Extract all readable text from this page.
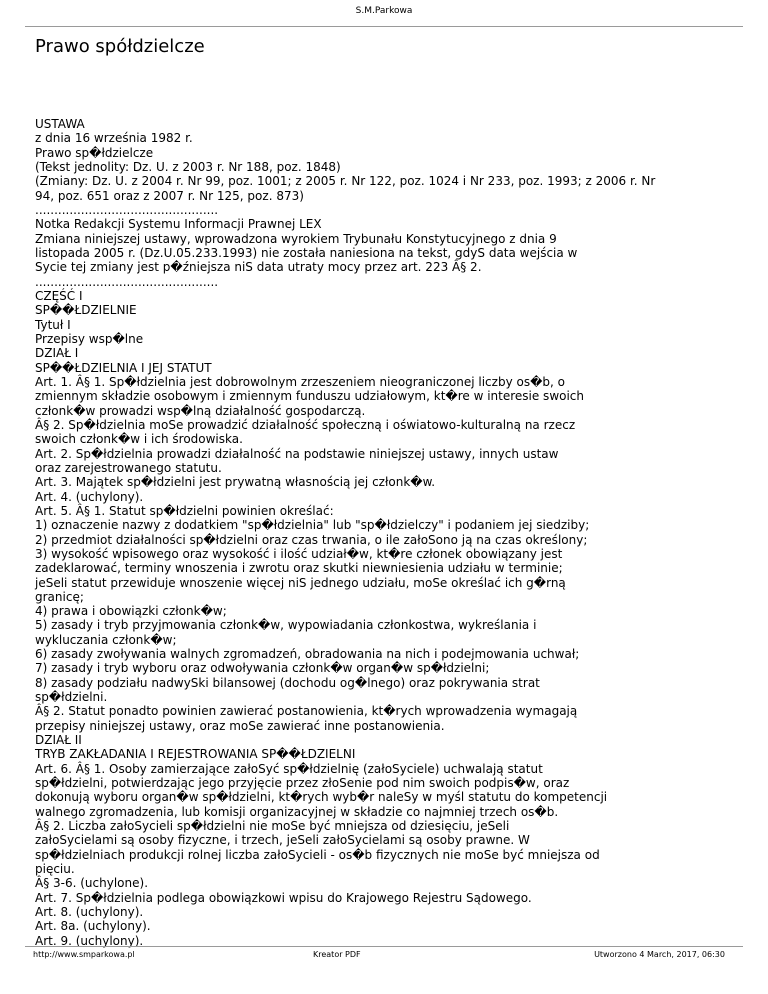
S.M.Parkowa
Prawo spółdzielcze
USTAWA
z dnia 16 września 1982 r.
Prawo sp�łdzielcze
(Tekst jednolity: Dz. U. z 2003 r. Nr 188, poz. 1848)
(Zmiany: Dz. U. z 2004 r. Nr 99, poz. 1001; z 2005 r. Nr 122, poz. 1024 i Nr 233, poz. 1993; z 2006 r. Nr
94, poz. 651 oraz z 2007 r. Nr 125, poz. 873)
................................................
Notka Redakcji Systemu Informacji Prawnej LEX
Zmiana niniejszej ustawy, wprowadzona wyrokiem Trybunału Konstytucyjnego z dnia 9
listopada 2005 r. (Dz.U.05.233.1993) nie została naniesiona na tekst, gdyS data wejścia w
Sycie tej zmiany jest p�źniejsza niS data utraty mocy przez art. 223 Â§ 2.
................................................
CZĘŚĆ I
SP��ŁDZIELNIE
Tytuł I
Przepisy wsp�lne
DZIAŁ I
SP��ŁDZIELNIA I JEJ STATUT
Art. 1. Â§ 1. Sp�łdzielnia jest dobrowolnym zrzeszeniem nieograniczonej liczby os�b, o
zmiennym składzie osobowym i zmiennym funduszu udziałowym, kt�re w interesie swoich
członk�w prowadzi wsp�lną działalność gospodarczą.
Â§ 2. Sp�łdzielnia moSe prowadzić działalność społeczną i oświatowo-kulturalną na rzecz
swoich członk�w i ich środowiska.
Art. 2. Sp�łdzielnia prowadzi działalność na podstawie niniejszej ustawy, innych ustaw
oraz zarejestrowanego statutu.
Art. 3. Majątek sp�łdzielni jest prywatną własnością jej członk�w.
Art. 4. (uchylony).
Art. 5. Â§ 1. Statut sp�łdzielni powinien określać:
1) oznaczenie nazwy z dodatkiem "sp�łdzielnia" lub "sp�łdzielczy" i podaniem jej siedziby;
2) przedmiot działalności sp�łdzielni oraz czas trwania, o ile załoSono ją na czas określony;
3) wysokość wpisowego oraz wysokość i ilość udział�w, kt�re członek obowiązany jest
zadeklarować, terminy wnoszenia i zwrotu oraz skutki niewniesienia udziału w terminie;
jeSeli statut przewiduje wnoszenie więcej niS jednego udziału, moSe określać ich g�rną
granicę;
4) prawa i obowiązki członk�w;
5) zasady i tryb przyjmowania członk�w, wypowiadania członkostwa, wykreślania i
wykluczania członk�w;
6) zasady zwoływania walnych zgromadzeń, obradowania na nich i podejmowania uchwał;
7) zasady i tryb wyboru oraz odwoływania członk�w organ�w sp�łdzielni;
8) zasady podziału nadwySki bilansowej (dochodu og�lnego) oraz pokrywania strat
sp�łdzielni.
Â§ 2. Statut ponadto powinien zawierać postanowienia, kt�rych wprowadzenia wymagają
przepisy niniejszej ustawy, oraz moSe zawierać inne postanowienia.
DZIAŁ II
TRYB ZAKŁADANIA I REJESTROWANIA SP��ŁDZIELNI
Art. 6. Â§ 1. Osoby zamierzające załoSyć sp�łdzielnię (załoSyciele) uchwalają statut
sp�łdzielni, potwierdzając jego przyjęcie przez złoSenie pod nim swoich podpis�w, oraz
dokonują wyboru organ�w sp�łdzielni, kt�rych wyb�r naleSy w myśl statutu do kompetencji
walnego zgromadzenia, lub komisji organizacyjnej w składzie co najmniej trzech os�b.
Â§ 2. Liczba załoSycieli sp�łdzielni nie moSe być mniejsza od dziesięciu, jeSeli
załoSycielami są osoby fizyczne, i trzech, jeSeli załoSycielami są osoby prawne. W
sp�łdzielniach produkcji rolnej liczba załoSycieli - os�b fizycznych nie moSe być mniejsza od
pięciu.
Â§ 3-6. (uchylone).
Art. 7. Sp�łdzielnia podlega obowiązkowi wpisu do Krajowego Rejestru Sądowego.
Art. 8. (uchylony).
Art. 8a. (uchylony).
Art. 9. (uchylony).
http://www.smparkowa.pl	Kreator PDF	Utworzono 4 March, 2017, 06:30
